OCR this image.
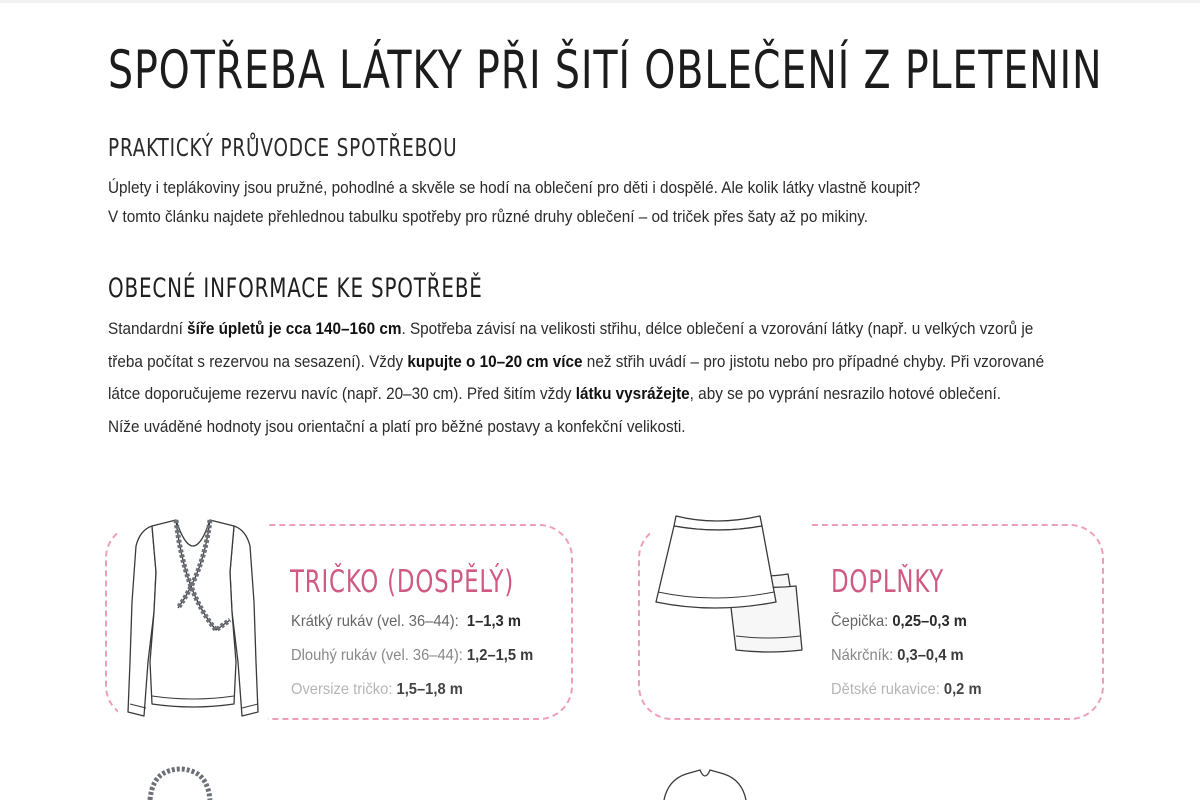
SPOTŘEBA LÁTKY PŘI ŠITÍ OBLEČENÍ Z PLETENIN
PRAKTICKÝ PRŮVODCE SPOTŘEBOU
Úplety i teplákoviny jsou pružné, pohodlné a skvěle se hodí na oblečení pro děti i dospělé. Ale kolik látky vlastně koupit?
V tomto článku najdete přehlednou tabulku spotřeby pro různé druhy oblečení – od triček přes šaty až po mikiny.
OBECNÉ INFORMACE KE SPOTŘEBĚ
Standardní šíře úpletů je cca 140–160 cm. Spotřeba závisí na velikosti střihu, délce oblečení a vzorování látky (např. u velkých vzorů je
třeba počítat s rezervou na sesazení). Vždy kupujte o 10–20 cm více než střih uvádí – pro jistotu nebo pro případné chyby. Při vzorované
látce doporučujeme rezervu navíc (např. 20–30 cm). Před šitím vždy látku vysrážejte, aby se po vyprání nesrazilo hotové oblečení.
Níže uváděné hodnoty jsou orientační a platí pro běžné postavy a konfekční velikosti.
TRIČKO (DOSPĚLÝ)
Krátký rukáv (vel. 36–44): 1–1,3 m
Dlouhý rukáv (vel. 36–44): 1,2–1,5 m
Oversize tričko: 1,5–1,8 m
DOPLŇKY
Čepička: 0,25–0,3 m
Nákrčník: 0,3–0,4 m
Dětské rukavice: 0,2 m
